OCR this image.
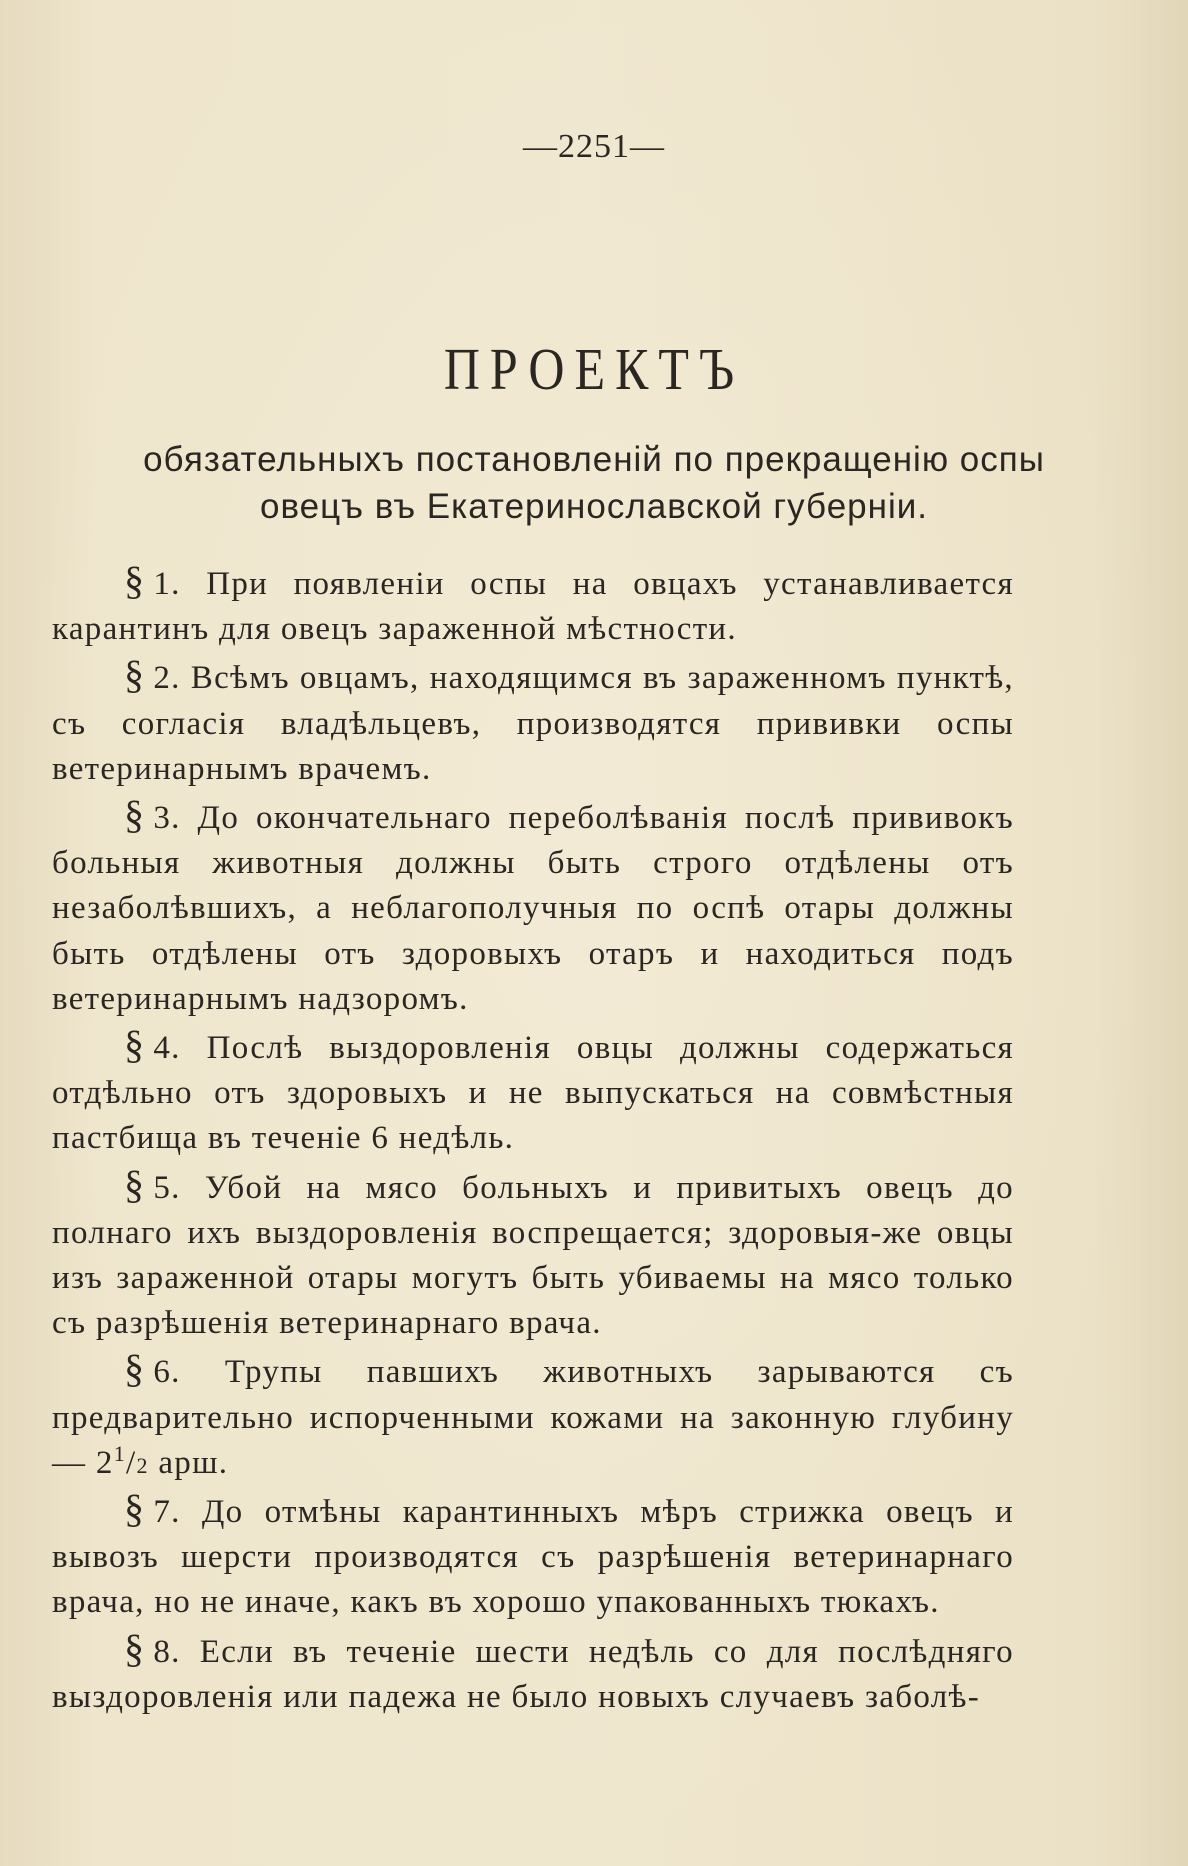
—2251—
ПРОЕКТЪ
обязательныхъ постановленій по прекращенію оспы
овецъ въ Екатеринославской губерніи.

§ 1. При появленіи оспы на овцахъ устанавливается карантинъ для овецъ зараженной мѣстности.

§ 2. Всѣмъ овцамъ, находящимся въ зараженномъ пунктѣ, съ согласія владѣльцевъ, производятся прививки оспы ветеринарнымъ врачемъ.

§ 3. До окончательнаго переболѣванія послѣ прививокъ больныя животныя должны быть строго отдѣлены отъ незаболѣвшихъ, а неблагополучныя по оспѣ отары должны быть отдѣлены отъ здоровыхъ отаръ и находиться подъ ветеринарнымъ надзоромъ.

§ 4. Послѣ выздоровленія овцы должны содержаться отдѣльно отъ здоровыхъ и не выпускаться на совмѣстныя пастбища въ теченіе 6 недѣль.

§ 5. Убой на мясо больныхъ и привитыхъ овецъ до полнаго ихъ выздоровленія воспрещается; здоровыя-же овцы изъ зараженной отары могутъ быть убиваемы на мясо только съ разрѣшенія ветеринарнаго врача.

§ 6. Трупы павшихъ животныхъ зарываются съ предварительно испорченными кожами на законную глубину— $2^1/2$ арш.

§ 7. До отмѣны карантинныхъ мѣръ стрижка овецъ и вывозъ шерсти производятся съ разрѣшенія ветеринарнаго врача, но не иначе, какъ въ хорошо упакованныхъ тюкахъ.

§ 8. Если въ теченіе шести недѣль со для послѣдняго выздоровленія или падежа не было новыхъ случаевъ заболѣ-
